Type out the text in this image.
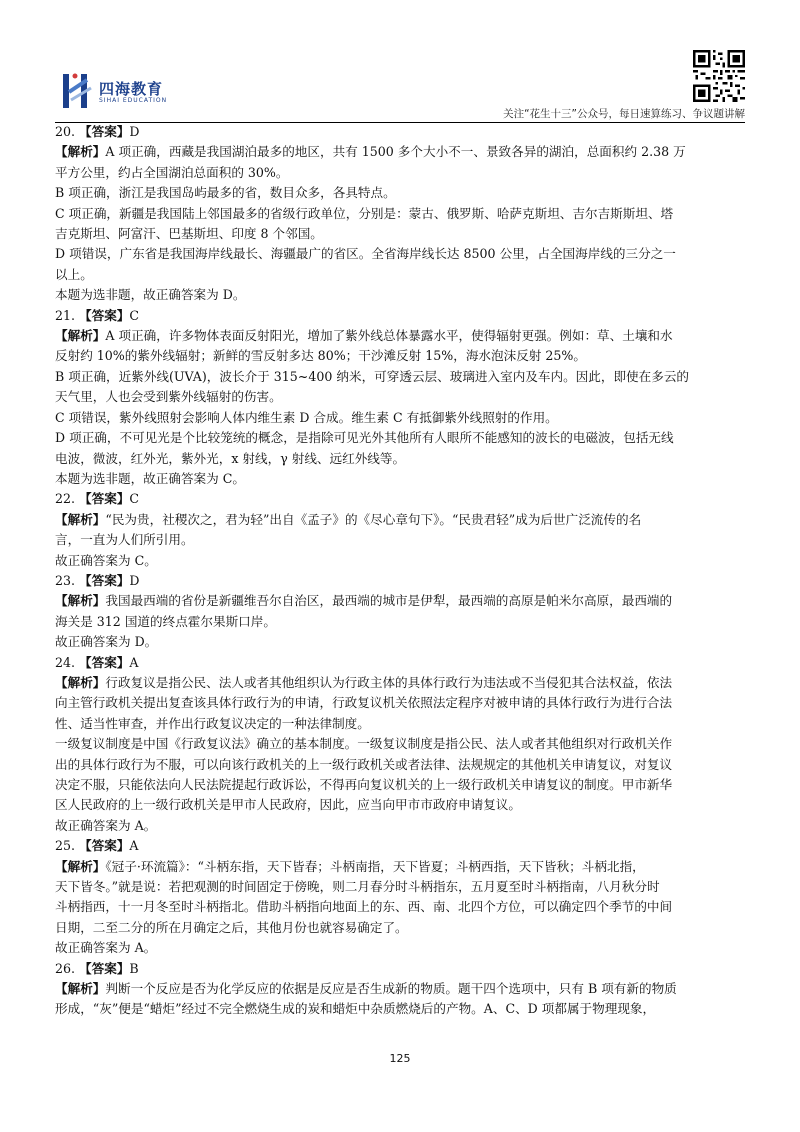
四海教育
SIHAI EDUCATION
关注“花生十三”公众号，每日速算练习、争议题讲解
20. 【答案】D
【解析】A 项正确，西藏是我国湖泊最多的地区，共有 1500 多个大小不一、景致各异的湖泊，总面积约 2.38 万
平方公里，约占全国湖泊总面积的 30%。
B 项正确，浙江是我国岛屿最多的省，数目众多，各具特点。
C 项正确，新疆是我国陆上邻国最多的省级行政单位，分别是：蒙古、俄罗斯、哈萨克斯坦、吉尔吉斯斯坦、塔
吉克斯坦、阿富汗、巴基斯坦、印度 8 个邻国。
D 项错误，广东省是我国海岸线最长、海疆最广的省区。全省海岸线长达 8500 公里，占全国海岸线的三分之一
以上。
本题为选非题，故正确答案为 D。
21. 【答案】C
【解析】A 项正确，许多物体表面反射阳光，增加了紫外线总体暴露水平，使得辐射更强。例如：草、土壤和水
反射约 10%的紫外线辐射；新鲜的雪反射多达 80%；干沙滩反射 15%，海水泡沫反射 25%。
B 项正确，近紫外线(UVA)，波长介于 315~400 纳米，可穿透云层、玻璃进入室内及车内。因此，即使在多云的
天气里，人也会受到紫外线辐射的伤害。
C 项错误，紫外线照射会影响人体内维生素 D 合成。维生素 C 有抵御紫外线照射的作用。
D 项正确，不可见光是个比较笼统的概念，是指除可见光外其他所有人眼所不能感知的波长的电磁波，包括无线
电波，微波，红外光，紫外光，x 射线，γ 射线、远红外线等。
本题为选非题，故正确答案为 C。
22. 【答案】C
【解析】“民为贵，社稷次之，君为轻”出自《孟子》的《尽心章句下》。“民贵君轻”成为后世广泛流传的名
言，一直为人们所引用。
故正确答案为 C。
23. 【答案】D
【解析】我国最西端的省份是新疆维吾尔自治区，最西端的城市是伊犁，最西端的高原是帕米尔高原，最西端的
海关是 312 国道的终点霍尔果斯口岸。
故正确答案为 D。
24. 【答案】A
【解析】行政复议是指公民、法人或者其他组织认为行政主体的具体行政行为违法或不当侵犯其合法权益，依法
向主管行政机关提出复查该具体行政行为的申请，行政复议机关依照法定程序对被申请的具体行政行为进行合法
性、适当性审查，并作出行政复议决定的一种法律制度。
一级复议制度是中国《行政复议法》确立的基本制度。一级复议制度是指公民、法人或者其他组织对行政机关作
出的具体行政行为不服，可以向该行政机关的上一级行政机关或者法律、法规规定的其他机关申请复议，对复议
决定不服，只能依法向人民法院提起行政诉讼，不得再向复议机关的上一级行政机关申请复议的制度。甲市新华
区人民政府的上一级行政机关是甲市人民政府，因此，应当向甲市市政府申请复议。
故正确答案为 A。
25. 【答案】A
【解析】《冠子·环流篇》：“斗柄东指，天下皆春；斗柄南指，天下皆夏；斗柄西指，天下皆秋；斗柄北指，
天下皆冬。”就是说：若把观测的时间固定于傍晚，则二月春分时斗柄指东，五月夏至时斗柄指南，八月秋分时
斗柄指西，十一月冬至时斗柄指北。借助斗柄指向地面上的东、西、南、北四个方位，可以确定四个季节的中间
日期，二至二分的所在月确定之后，其他月份也就容易确定了。
故正确答案为 A。
26. 【答案】B
【解析】判断一个反应是否为化学反应的依据是反应是否生成新的物质。题干四个选项中，只有 B 项有新的物质
形成，“灰”便是“蜡炬”经过不完全燃烧生成的炭和蜡炬中杂质燃烧后的产物。A、C、D 项都属于物理现象，
125
